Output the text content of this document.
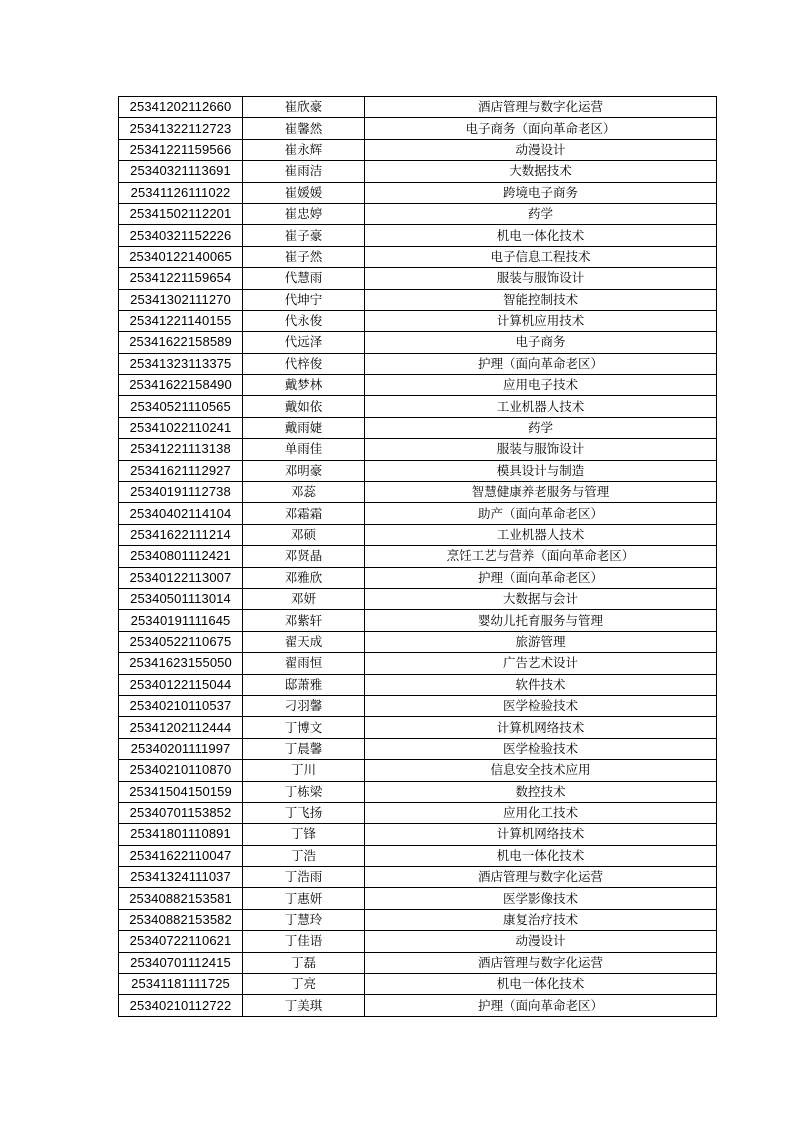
25341202112660	崔欣豪	酒店管理与数字化运营
25341322112723	崔馨然	电子商务（面向革命老区）
25341221159566	崔永辉	动漫设计
25340321113691	崔雨洁	大数据技术
25341126111022	崔媛媛	跨境电子商务
25341502112201	崔忠婷	药学
25340321152226	崔子豪	机电一体化技术
25340122140065	崔子然	电子信息工程技术
25341221159654	代慧雨	服装与服饰设计
25341302111270	代坤宁	智能控制技术
25341221140155	代永俊	计算机应用技术
25341622158589	代远泽	电子商务
25341323113375	代梓俊	护理（面向革命老区）
25341622158490	戴梦林	应用电子技术
25340521110565	戴如依	工业机器人技术
25341022110241	戴雨婕	药学
25341221113138	单雨佳	服装与服饰设计
25341621112927	邓明豪	模具设计与制造
25340191112738	邓蕊	智慧健康养老服务与管理
25340402114104	邓霜霜	助产（面向革命老区）
25341622111214	邓硕	工业机器人技术
25340801112421	邓贤晶	烹饪工艺与营养（面向革命老区）
25340122113007	邓雅欣	护理（面向革命老区）
25340501113014	邓妍	大数据与会计
25340191111645	邓紫轩	婴幼儿托育服务与管理
25340522110675	翟天成	旅游管理
25341623155050	翟雨恒	广告艺术设计
25340122115044	邸萧雅	软件技术
25340210110537	刁羽馨	医学检验技术
25341202112444	丁博文	计算机网络技术
25340201111997	丁晨馨	医学检验技术
25340210110870	丁川	信息安全技术应用
25341504150159	丁栋梁	数控技术
25340701153852	丁飞扬	应用化工技术
25341801110891	丁锋	计算机网络技术
25341622110047	丁浩	机电一体化技术
25341324111037	丁浩雨	酒店管理与数字化运营
25340882153581	丁惠妍	医学影像技术
25340882153582	丁慧玲	康复治疗技术
25340722110621	丁佳语	动漫设计
25340701112415	丁磊	酒店管理与数字化运营
25341181111725	丁亮	机电一体化技术
25340210112722	丁美琪	护理（面向革命老区）
